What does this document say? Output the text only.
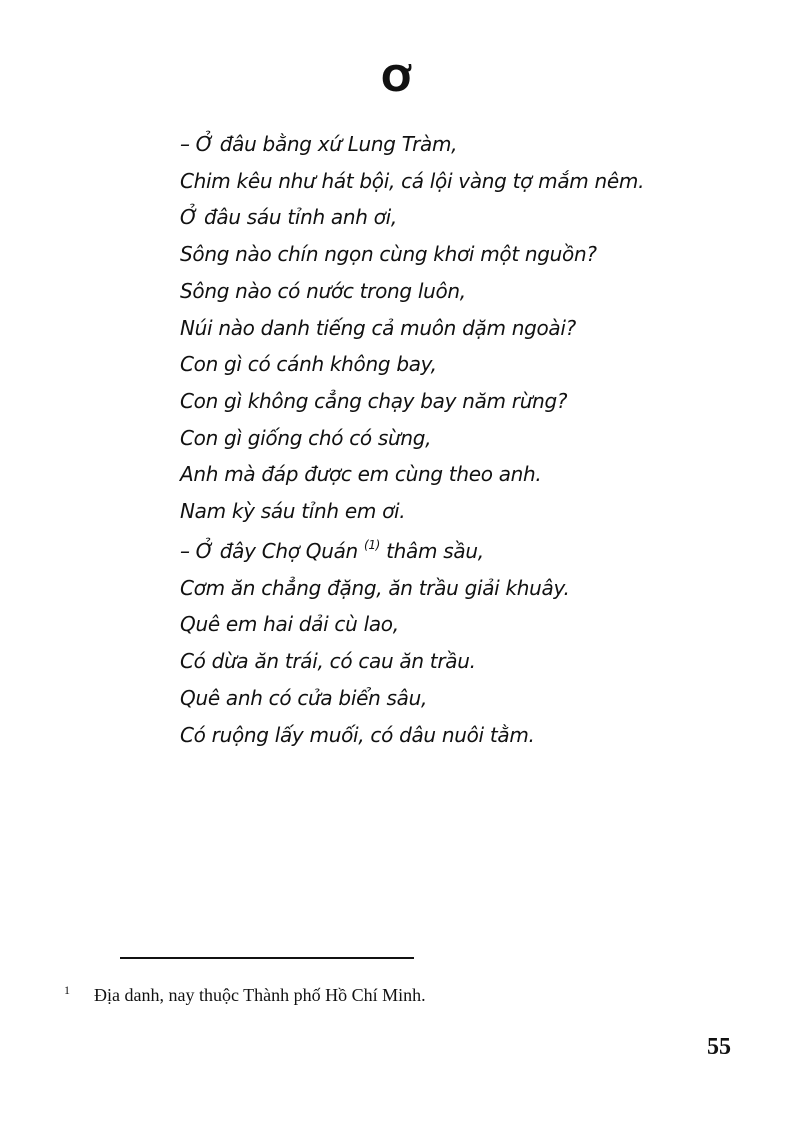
Ơ
– Ở đâu bằng xứ Lung Tràm,
Chim kêu như hát bội, cá lội vàng tợ mắm nêm.
Ở đâu sáu tỉnh anh ơi,
Sông nào chín ngọn cùng khơi một nguồn?
Sông nào có nước trong luôn,
Núi nào danh tiếng cả muôn dặm ngoài?
Con gì có cánh không bay,
Con gì không cẳng chạy bay năm rừng?
Con gì giống chó có sừng,
Anh mà đáp được em cùng theo anh.
Nam kỳ sáu tỉnh em ơi.
– Ở đây Chợ Quán $^{(1)}$ thâm sầu,
Cơm ăn chẳng đặng, ăn trầu giải khuây.
Quê em hai dải cù lao,
Có dừa ăn trái, có cau ăn trầu.
Quê anh có cửa biển sâu,
Có ruộng lấy muối, có dâu nuôi tằm.
1 Địa danh, nay thuộc Thành phố Hồ Chí Minh.
55
